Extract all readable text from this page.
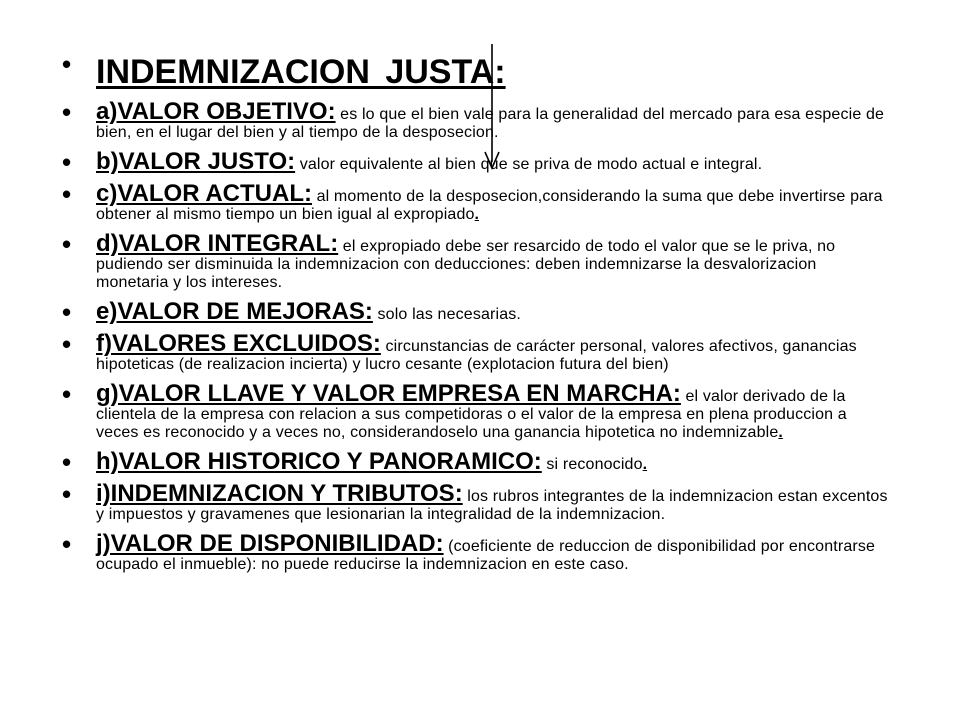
• INDEMNIZACION JUSTA:
• a)VALOR OBJETIVO: es lo que el bien vale para la generalidad del mercado para esa especie de bien, en el lugar del bien y al tiempo de la desposecion.
• b)VALOR JUSTO: valor equivalente al bien que se priva de modo actual e integral.
• c)VALOR ACTUAL: al momento de la desposecion,considerando la suma que debe invertirse para obtener al mismo tiempo un bien igual al expropiado.
• d)VALOR INTEGRAL: el expropiado debe ser resarcido de todo el valor que se le priva, no pudiendo ser disminuida la indemnizacion con deducciones: deben indemnizarse la desvalorizacion monetaria y los intereses.
• e)VALOR DE MEJORAS: solo las necesarias.
• f)VALORES EXCLUIDOS: circunstancias de carácter personal, valores afectivos, ganancias hipoteticas (de realizacion incierta) y lucro cesante (explotacion futura del bien)
• g)VALOR LLAVE Y VALOR EMPRESA EN MARCHA: el valor derivado de la clientela de la empresa con relacion a sus competidoras o el valor de la empresa en plena produccion a veces es reconocido y a veces no, considerandoselo una ganancia hipotetica no indemnizable.
• h)VALOR HISTORICO Y PANORAMICO: si reconocido.
• i)INDEMNIZACION Y TRIBUTOS: los rubros integrantes de la indemnizacion estan excentos y impuestos y gravamenes que lesionarian la integralidad de la indemnizacion.
• j)VALOR DE DISPONIBILIDAD: (coeficiente de reduccion de disponibilidad por encontrarse ocupado el inmueble): no puede reducirse la indemnizacion en este caso.
